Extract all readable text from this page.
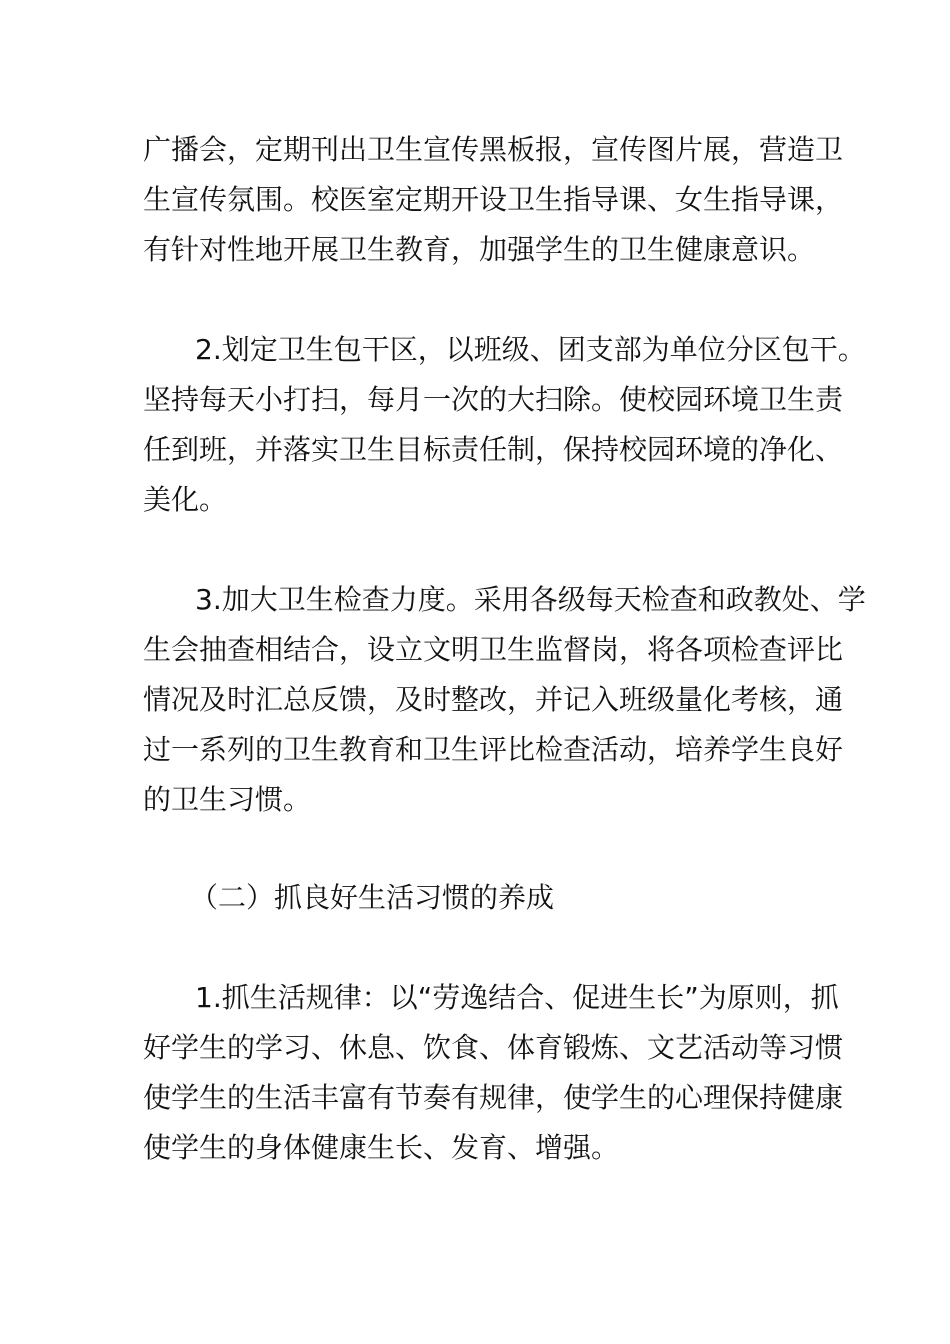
广播会，定期刊出卫生宣传黑板报，宣传图片展，营造卫

生宣传氛围。校医室定期开设卫生指导课、女生指导课，

有针对性地开展卫生教育，加强学生的卫生健康意识。

2.划定卫生包干区，以班级、团支部为单位分区包干。

坚持每天小打扫，每月一次的大扫除。使校园环境卫生责

任到班，并落实卫生目标责任制，保持校园环境的净化、

美化。

3.加大卫生检查力度。采用各级每天检查和政教处、学

生会抽查相结合，设立文明卫生监督岗，将各项检查评比

情况及时汇总反馈，及时整改，并记入班级量化考核，通

过一系列的卫生教育和卫生评比检查活动，培养学生良好

的卫生习惯。

（二）抓良好生活习惯的养成

1.抓生活规律：以“劳逸结合、促进生长”为原则，抓

好学生的学习、休息、饮食、体育锻炼、文艺活动等习惯

使学生的生活丰富有节奏有规律，使学生的心理保持健康

使学生的身体健康生长、发育、增强。
